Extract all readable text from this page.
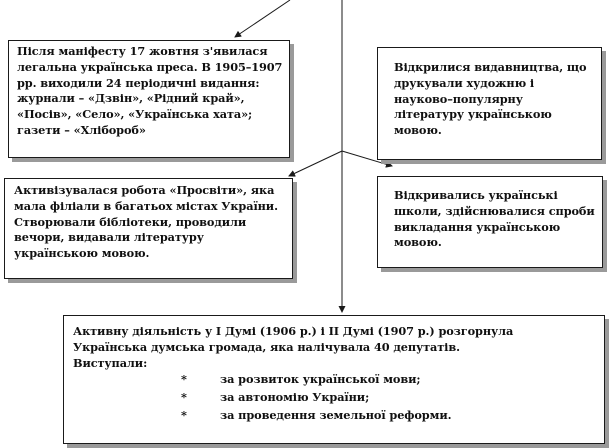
Після маніфесту 17 жовтня з'явилася
легальна українська преса. В 1905–1907
рр. виходили 24 періодичні видання:
журнали – «Дзвін», «Рідний край»,
«Посів», «Село», «Українська хата»;
газети – «Хлібороб»

Відкрилися видавництва, що
друкували художню і
науково–популярну
літературу українською
мовою.

Активізувалася робота «Просвіти», яка
мала філіали в багатьох містах України.
Створювали бібліотеки, проводили
вечори, видавали літературу
українською мовою.

Відкривались українські
школи, здійснювалися спроби
викладання українською
мовою.

Активну діяльність у І Думі (1906 р.) і ІІ Думі (1907 р.) розгорнула
Українська думська громада, яка налічувала 40 депутатів.
Виступали:

*	за розвиток української мови;
*	за автономію України;
*	за проведення земельної реформи.
